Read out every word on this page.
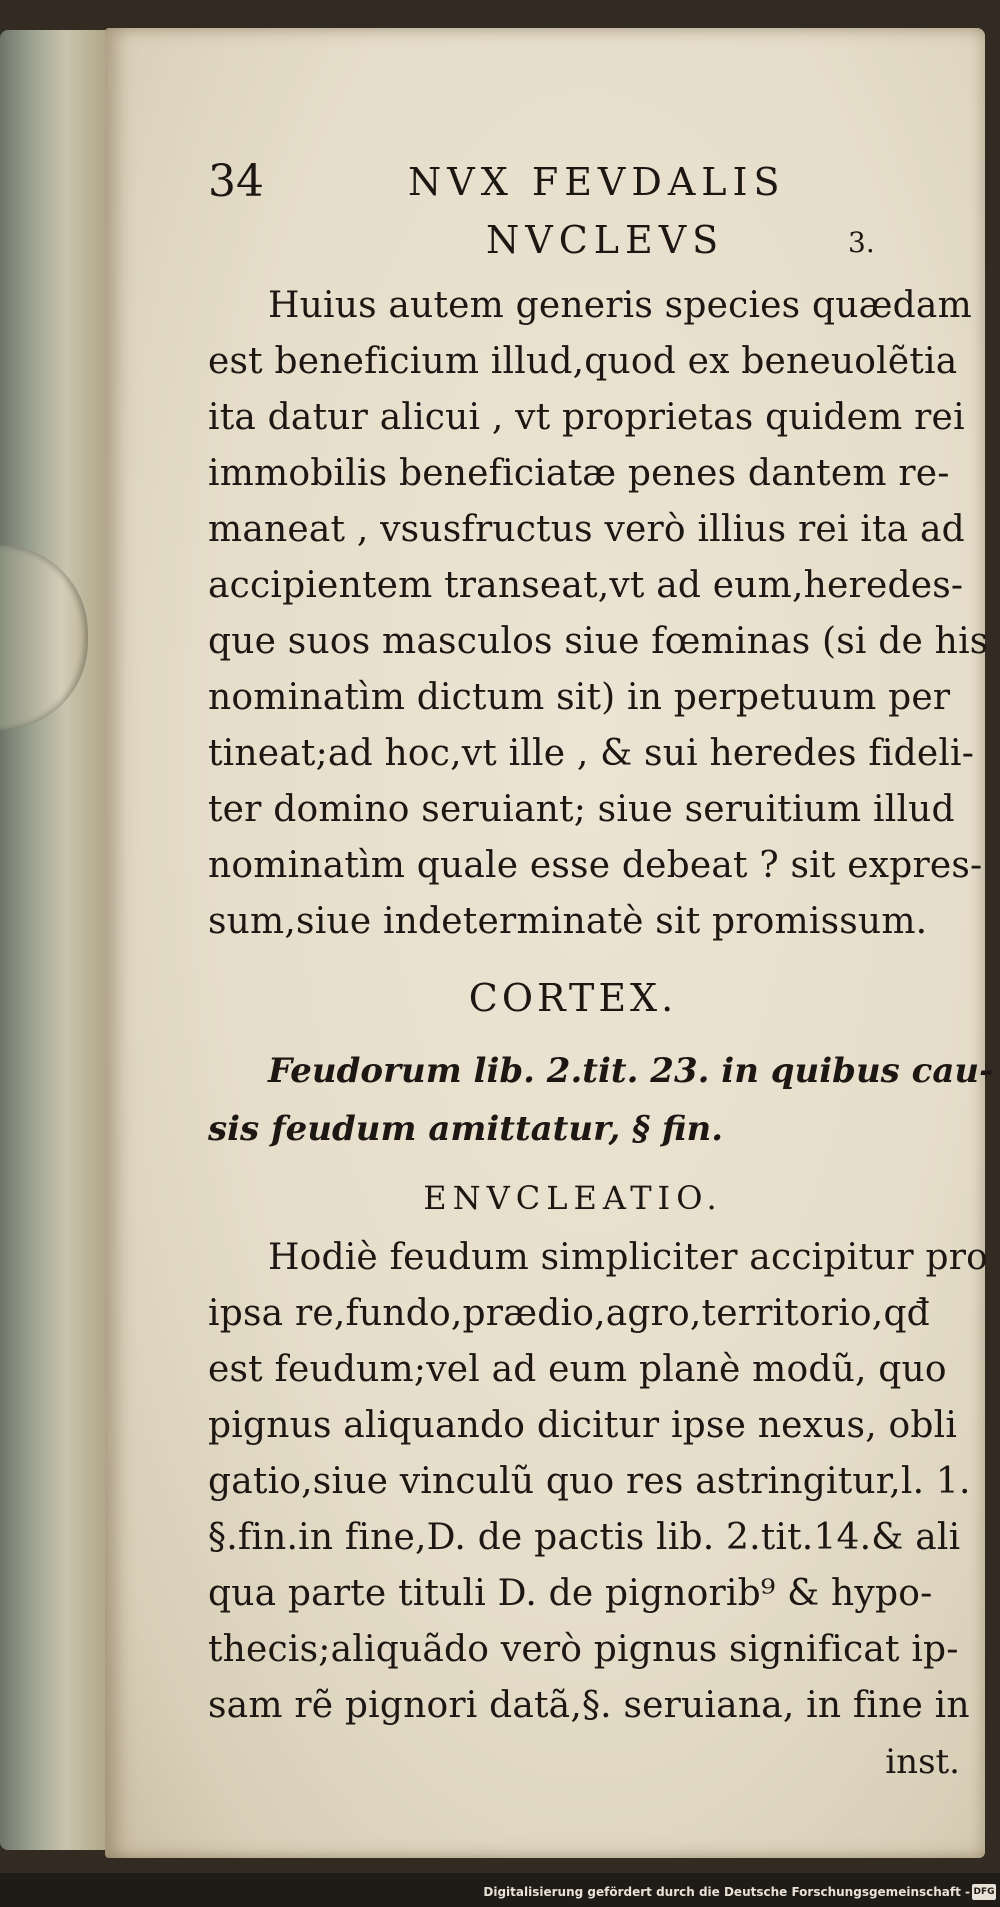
34	NVX FEVDALIS
NVCLEVS	3.
Huius autem generis species quædam
est beneficium illud,quod ex beneuolẽtia
ita datur alicui , vt proprietas quidem rei
immobilis beneficiatæ penes dantem re-
maneat , vsusfructus verò illius rei ita ad
accipientem transeat,vt ad eum,heredes-
que suos masculos siue fœminas (si de his
nominatìm dictum sit) in perpetuum per
tineat;ad hoc,vt ille , & sui heredes fideli-
ter domino seruiant; siue seruitium illud
nominatìm quale esse debeat ? sit expres-
sum,siue indeterminatè sit promissum.
CORTEX.
Feudorum lib. 2.tit. 23. in quibus cau-
sis feudum amittatur, § fin.
ENVCLEATIO.
Hodiè feudum simpliciter accipitur pro
ipsa re,fundo,prædio,agro,territorio,qđ
est feudum;vel ad eum planè modũ, quo
pignus aliquando dicitur ipse nexus, obli
gatio,siue vinculũ quo res astringitur,l. 1.
§.fin.in fine,D. de pactis lib. 2.tit.14.& ali
qua parte tituli D. de pignorib⁹ & hypo-
thecis;aliquãdo verò pignus significat ip-
sam rẽ pignori datã,§. seruiana, in fine in
inst.
Digitalisierung gefördert durch die Deutsche Forschungsgemeinschaft - DFG
